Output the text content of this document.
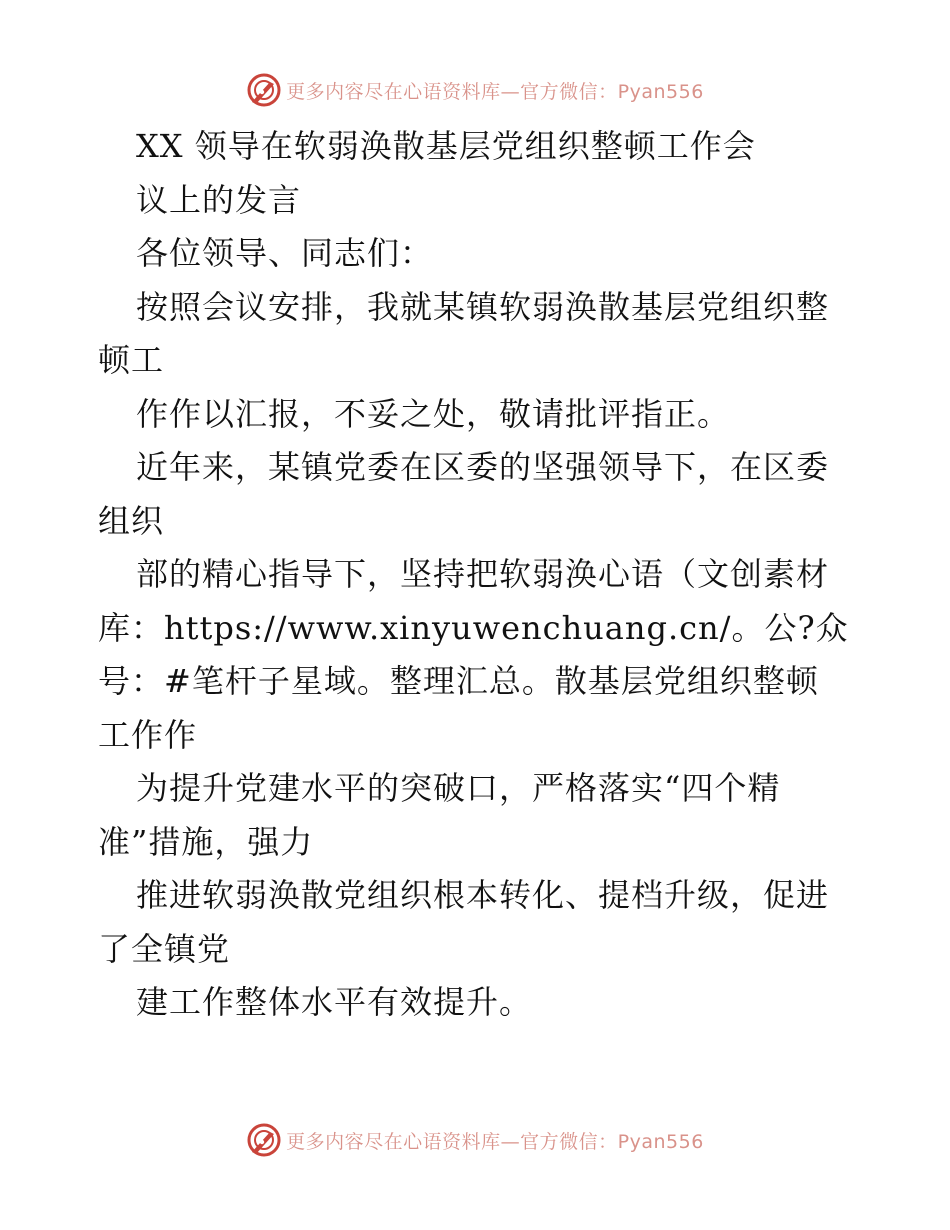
更多内容尽在心语资料库—官方微信：Pyan556
XX 领导在软弱涣散基层党组织整顿工作会
议上的发言
各位领导、同志们：
按照会议安排，我就某镇软弱涣散基层党组织整
顿工
作作以汇报，不妥之处，敬请批评指正。
近年来，某镇党委在区委的坚强领导下，在区委
组织
部的精心指导下，坚持把软弱涣心语（文创素材
库：https://www.xinyuwenchuang.cn/。公?众
号：#笔杆子星域。整理汇总。散基层党组织整顿
工作作
为提升党建水平的突破口，严格落实“四个精
准”措施，强力
推进软弱涣散党组织根本转化、提档升级，促进
了全镇党
建工作整体水平有效提升。
更多内容尽在心语资料库—官方微信：Pyan556
